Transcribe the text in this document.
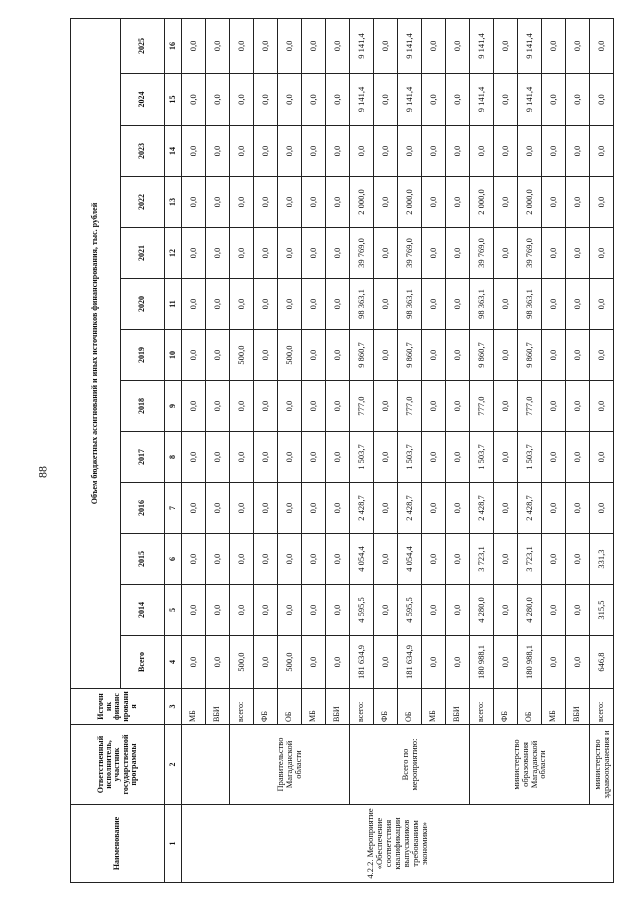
88
Наименование	Ответственный исполнитель, участник государственной программы	Источник финансирования	Объем бюджетных ассигнований и иных источников финансирования, тыс. рублей												
			Всего	2014	2015	2016	2017	2018	2019	2020	2021	2022	2023	2024	2025
1	2	3	4	5	6	7	8	9	10	11	12	13	14	15	16
4.2.2. Мероприятие «Обеспечение соответствия квалификации выпускников требованиям экономики»		МБ	0,0	0,0	0,0	0,0	0,0	0,0	0,0	0,0	0,0	0,0	0,0	0,0	0,0
		ВБИ	0,0	0,0	0,0	0,0	0,0	0,0	0,0	0,0	0,0	0,0	0,0	0,0	0,0
	Правительство Магаданской области	всего:	500,0	0,0	0,0	0,0	0,0	0,0	500,0	0,0	0,0	0,0	0,0	0,0	0,0
		ФБ	0,0	0,0	0,0	0,0	0,0	0,0	0,0	0,0	0,0	0,0	0,0	0,0	0,0
		ОБ	500,0	0,0	0,0	0,0	0,0	0,0	500,0	0,0	0,0	0,0	0,0	0,0	0,0
		МБ	0,0	0,0	0,0	0,0	0,0	0,0	0,0	0,0	0,0	0,0	0,0	0,0	0,0
		ВБИ	0,0	0,0	0,0	0,0	0,0	0,0	0,0	0,0	0,0	0,0	0,0	0,0	0,0
	Всего по мероприятию:	всего:	181 634,9	4 595,5	4 054,4	2 428,7	1 503,7	777,0	9 860,7	98 363,1	39 769,0	2 000,0	0,0	9 141,4	9 141,4
		ФБ	0,0	0,0	0,0	0,0	0,0	0,0	0,0	0,0	0,0	0,0	0,0	0,0	0,0
		ОБ	181 634,9	4 595,5	4 054,4	2 428,7	1 503,7	777,0	9 860,7	98 363,1	39 769,0	2 000,0	0,0	9 141,4	9 141,4
		МБ	0,0	0,0	0,0	0,0	0,0	0,0	0,0	0,0	0,0	0,0	0,0	0,0	0,0
		ВБИ	0,0	0,0	0,0	0,0	0,0	0,0	0,0	0,0	0,0	0,0	0,0	0,0	0,0
	министерство образования Магаданской области	всего:	180 988,1	4 280,0	3 723,1	2 428,7	1 503,7	777,0	9 860,7	98 363,1	39 769,0	2 000,0	0,0	9 141,4	9 141,4
		ФБ	0,0	0,0	0,0	0,0	0,0	0,0	0,0	0,0	0,0	0,0	0,0	0,0	0,0
		ОБ	180 988,1	4 280,0	3 723,1	2 428,7	1 503,7	777,0	9 860,7	98 363,1	39 769,0	2 000,0	0,0	9 141,4	9 141,4
		МБ	0,0	0,0	0,0	0,0	0,0	0,0	0,0	0,0	0,0	0,0	0,0	0,0	0,0
		ВБИ	0,0	0,0	0,0	0,0	0,0	0,0	0,0	0,0	0,0	0,0	0,0	0,0	0,0
	министерство здравоохранения и	всего:	646,8	315,5	331,3	0,0	0,0	0,0	0,0	0,0	0,0	0,0	0,0	0,0	0,0
